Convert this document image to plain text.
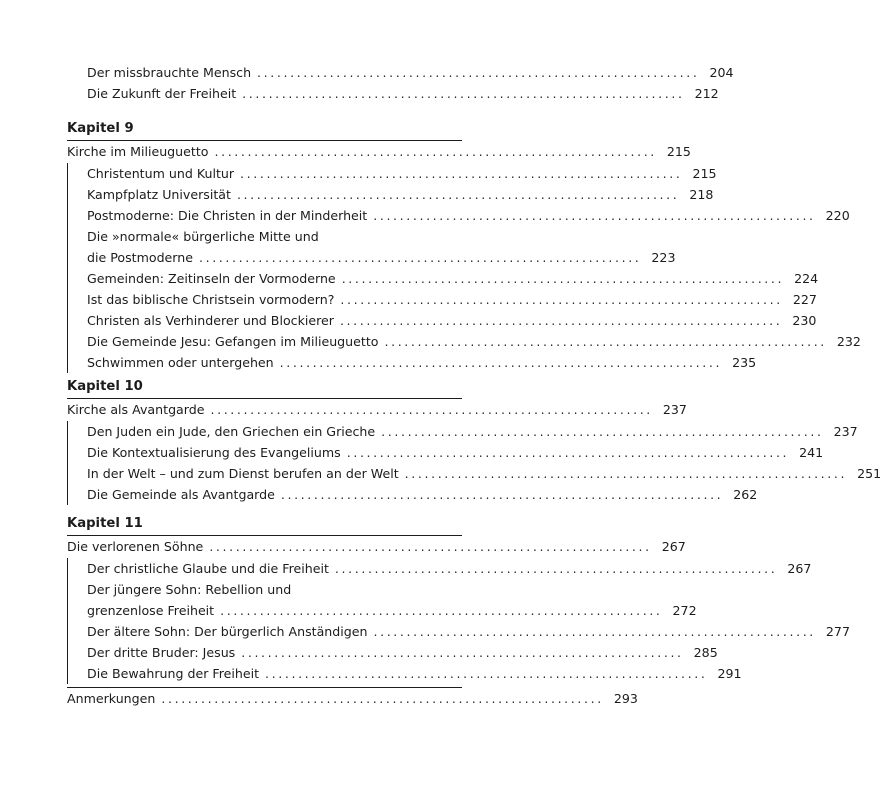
Der missbrauchte Mensch ................................................................... 204
Die Zukunft der Freiheit ................................................................... 212
Kapitel 9
Kirche im Milieuguetto ................................................................... 215
Christentum und Kultur ................................................................... 215
Kampfplatz Universität ................................................................... 218
Postmoderne: Die Christen in der Minderheit ................................................................... 220
Die »normale« bürgerliche Mitte und
die Postmoderne ................................................................... 223
Gemeinden: Zeitinseln der Vormoderne ................................................................... 224
Ist das biblische Christsein vormodern? ................................................................... 227
Christen als Verhinderer und Blockierer ................................................................... 230
Die Gemeinde Jesu: Gefangen im Milieuguetto ................................................................... 232
Schwimmen oder untergehen ................................................................... 235
Kapitel 10
Kirche als Avantgarde ................................................................... 237
Den Juden ein Jude, den Griechen ein Grieche ................................................................... 237
Die Kontextualisierung des Evangeliums ................................................................... 241
In der Welt – und zum Dienst berufen an der Welt ................................................................... 251
Die Gemeinde als Avantgarde ................................................................... 262
Kapitel 11
Die verlorenen Söhne ................................................................... 267
Der christliche Glaube und die Freiheit ................................................................... 267
Der jüngere Sohn: Rebellion und
grenzenlose Freiheit ................................................................... 272
Der ältere Sohn: Der bürgerlich Anständigen ................................................................... 277
Der dritte Bruder: Jesus ................................................................... 285
Die Bewahrung der Freiheit ................................................................... 291
Anmerkungen ................................................................... 293
